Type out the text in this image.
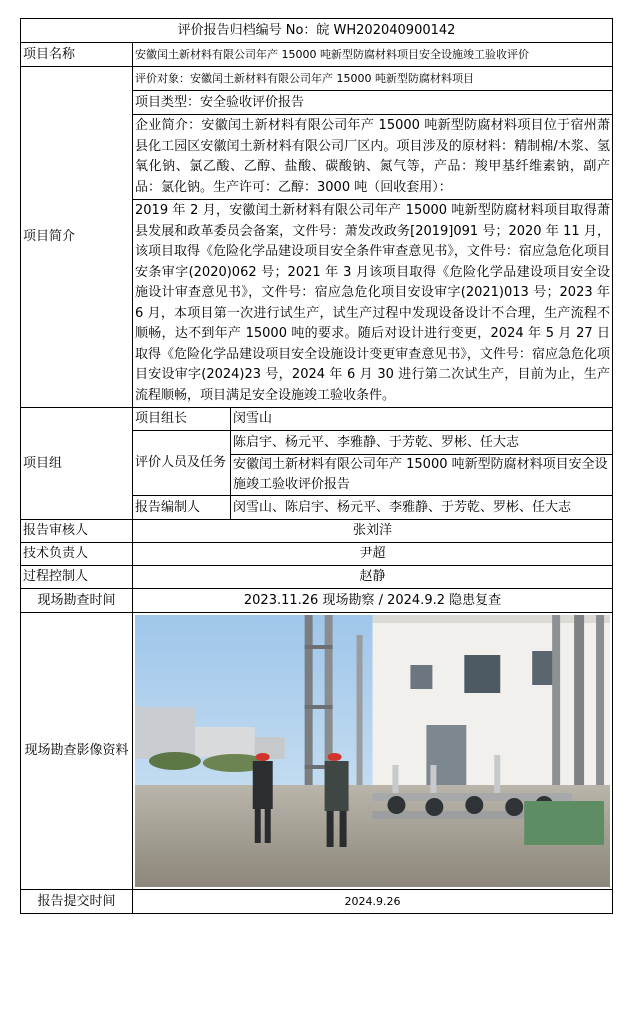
评价报告归档编号 No：皖 WH202040900142		
项目名称	安徽闰土新材料有限公司年产 15000 吨新型防腐材料项目安全设施竣工验收评价	
项目简介	评价对象：安徽闰土新材料有限公司年产 15000 吨新型防腐材料项目	
	项目类型：安全验收评价报告	
	企业简介：安徽闰土新材料有限公司年产 15000 吨新型防腐材料项目位于宿州萧县化工园区安徽闰土新材料有限公司厂区内。项目涉及的原材料：精制棉/木浆、氢氧化钠、氯乙酸、乙醇、盐酸、碳酸钠、氮气等，产品：羧甲基纤维素钠，副产品：氯化钠。生产许可：乙醇：3000 吨（回收套用）：	
	2019 年 2 月，安徽闰土新材料有限公司年产 15000 吨新型防腐材料项目取得萧县发展和政革委员会备案，文件号：萧发改政务[2019]091 号；2020 年 11 月，该项目取得《危险化学品建设项目安全条件审查意见书》，文件号：宿应急危化项目安条审字(2020)062 号；2021 年 3 月该项目取得《危险化学品建设项目安全设施设计审查意见书》，文件号：宿应急危化项目安设审字(2021)013 号；2023 年 6 月，本项目第一次进行试生产，试生产过程中发现设备设计不合理，生产流程不顺畅，达不到年产 15000 吨的要求。随后对设计进行变更，2024 年 5 月 27 日取得《危险化学品建设项目安全设施设计变更审查意见书》，文件号：宿应急危化项目安设审字(2024)23 号，2024 年 6 月 30 进行第二次试生产，目前为止，生产流程顺畅，项目满足安全设施竣工验收条件。	
项目组	项目组长	闵雪山
	评价人员及任务	陈启宇、杨元平、李雅静、于芳乾、罗彬、任大志
		安徽闰土新材料有限公司年产 15000 吨新型防腐材料项目安全设施竣工验收评价报告
	报告编制人	闵雪山、陈启宇、杨元平、李雅静、于芳乾、罗彬、任大志
报告审核人	张刘洋	
技术负责人	尹超	
过程控制人	赵静	
现场勘查时间	2023.11.26 现场勘察 / 2024.9.2 隐患复查	
现场勘查影像资料	

报告提交时间	2024.9.26	
